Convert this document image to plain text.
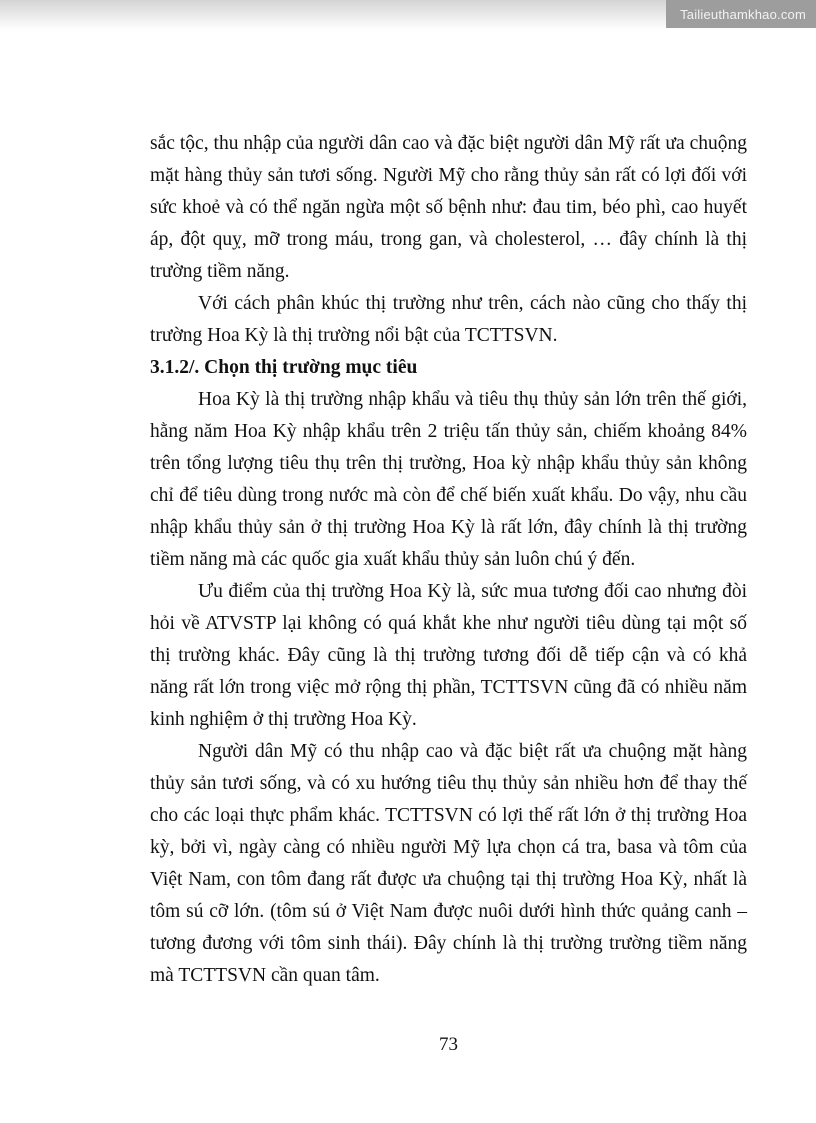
Tailieuthamkhao.com

sắc tộc, thu nhập của người dân cao và đặc biệt người dân Mỹ rất ưa chuộng mặt hàng thủy sản tươi sống. Người Mỹ cho rằng thủy sản rất có lợi đối với sức khoẻ và có thể ngăn ngừa một số bệnh như: đau tim, béo phì, cao huyết áp, đột quỵ, mỡ trong máu, trong gan, và cholesterol, … đây chính là thị trường tiềm năng.

Với cách phân khúc thị trường như trên, cách nào cũng cho thấy thị trường Hoa Kỳ là thị trường nổi bật của TCTTSVN.

3.1.2/. Chọn thị trường mục tiêu

Hoa Kỳ là thị trường nhập khẩu và tiêu thụ thủy sản lớn trên thế giới, hằng năm Hoa Kỳ nhập khẩu trên 2 triệu tấn thủy sản, chiếm khoảng 84% trên tổng lượng tiêu thụ trên thị trường, Hoa kỳ nhập khẩu thủy sản không chỉ để tiêu dùng trong nước mà còn để chế biến xuất khẩu. Do vậy, nhu cầu nhập khẩu thủy sản ở thị trường Hoa Kỳ là rất lớn, đây chính là thị trường tiềm năng mà các quốc gia xuất khẩu thủy sản luôn chú ý đến.

Ưu điểm của thị trường Hoa Kỳ là, sức mua tương đối cao nhưng đòi hỏi về ATVSTP lại không có quá khắt khe như người tiêu dùng tại một số thị trường khác. Đây cũng là thị trường tương đối dễ tiếp cận và có khả năng rất lớn trong việc mở rộng thị phần, TCTTSVN cũng đã có nhiều năm kinh nghiệm ở thị trường Hoa Kỳ.

Người dân Mỹ có thu nhập cao và đặc biệt rất ưa chuộng mặt hàng thủy sản tươi sống, và có xu hướng tiêu thụ thủy sản nhiều hơn để thay thế cho các loại thực phẩm khác. TCTTSVN có lợi thế rất lớn ở thị trường Hoa kỳ, bởi vì, ngày càng có nhiều người Mỹ lựa chọn cá tra, basa và tôm của Việt Nam, con tôm đang rất được ưa chuộng tại thị trường Hoa Kỳ, nhất là tôm sú cỡ lớn. (tôm sú ở Việt Nam được nuôi dưới hình thức quảng canh – tương đương với tôm sinh thái). Đây chính là thị trường trường tiềm năng mà TCTTSVN cần quan tâm.

73
